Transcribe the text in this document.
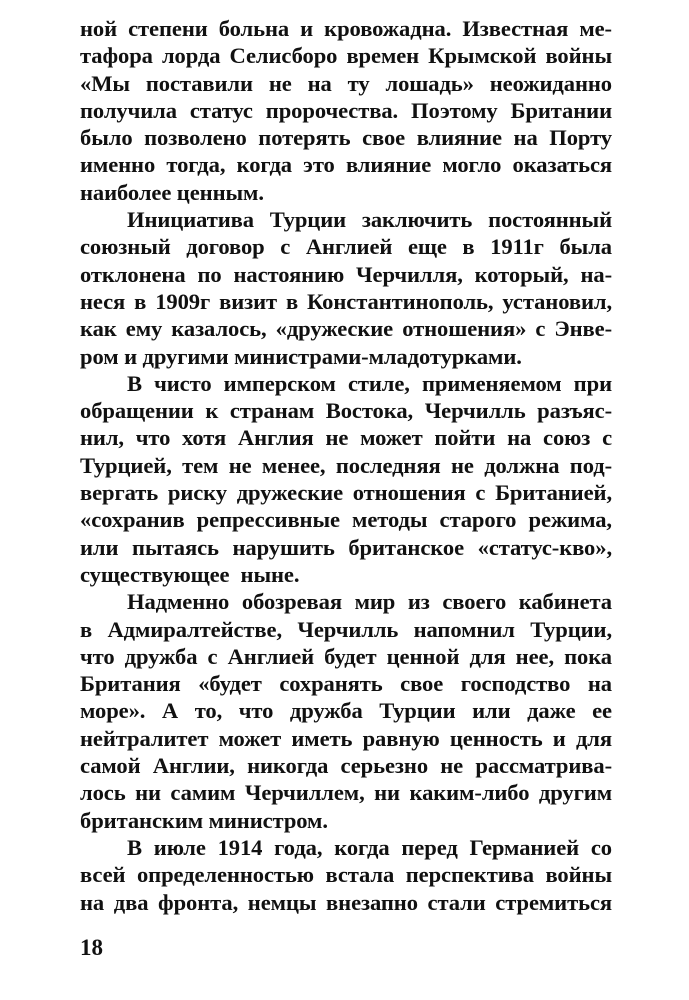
ной степени больна и кровожадна. Известная ме-
тафора лорда Селисборо времен Крымской войны
«Мы поставили не на ту лошадь» неожиданно
получила статус пророчества. Поэтому Британии
было позволено потерять свое влияние на Порту
именно тогда, когда это влияние могло оказаться
наиболее ценным.
Инициатива Турции заключить постоянный
союзный договор с Англией еще в 1911г была
отклонена по настоянию Черчилля, который, на-
неся в 1909г визит в Константинополь, установил,
как ему казалось, «дружеские отношения» с Энве-
ром и другими министрами-младотурками.
В чисто имперском стиле, применяемом при
обращении к странам Востока, Черчилль разъяс-
нил, что хотя Англия не может пойти на союз с
Турцией, тем не менее, последняя не должна под-
вергать риску дружеские отношения с Британией,
«сохранив репрессивные методы старого режима,
или пытаясь нарушить британское «статус-кво»,
существующее  ныне.
Надменно обозревая мир из своего кабинета
в Адмиралтействе, Черчилль напомнил Турции,
что дружба с Англией будет ценной для нее, пока
Британия «будет сохранять свое господство на
море». А то, что дружба Турции или даже ее
нейтралитет может иметь равную ценность и для
самой Англии, никогда серьезно не рассматрива-
лось ни самим Черчиллем, ни каким-либо другим
британским министром.
В июле 1914 года, когда перед Германией со
всей определенностью встала перспектива войны
на два фронта, немцы внезапно стали стремиться
18
